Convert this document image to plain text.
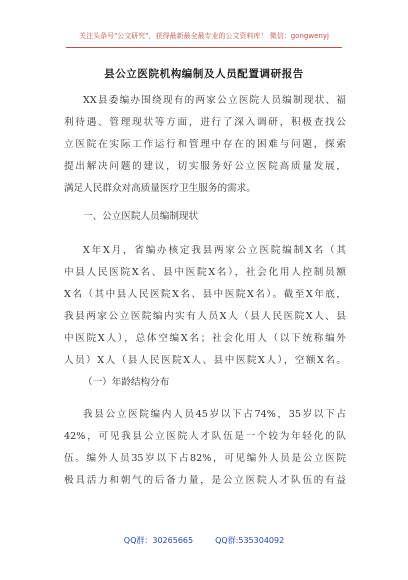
关注头条号"公文研究"，获得最新最全最专业的公文资料库！ 微信：gongwenyj
县公立医院机构编制及人员配置调研报告
XX县委编办围绕现有的两家公立医院人员编制现状、福
利待遇、管理现状等方面，进行了深入调研，积极查找公
立医院在实际工作运行和管理中存在的困难与问题，探索
提出解决问题的建议，切实服务好公立医院高质量发展，
满足人民群众对高质量医疗卫生服务的需求。
一、公立医院人员编制现状
X年X月，省编办核定我县两家公立医院编制X名（其
中县人民医院X名、县中医院X名），社会化用人控制员额
X名（其中县人民医院X名、县中医院X名）。截至X年底，
我县两家公立医院编内实有人员X人（县人民医院X人、县
中医院X人），总体空编X名；社会化用人（以下统称编外
人员）X人（县人民医院X人、县中医院X人），空额X名。
（一）年龄结构分布
我县公立医院编内人员45岁以下占74%，35岁以下占
42%，可见我县公立医院人才队伍是一个较为年轻化的队
伍。编外人员35岁以下占82%，可见编外人员是公立医院
极具活力和朝气的后备力量，是公立医院人才队伍的有益
QQ群：30265665	QQ群:535304092
